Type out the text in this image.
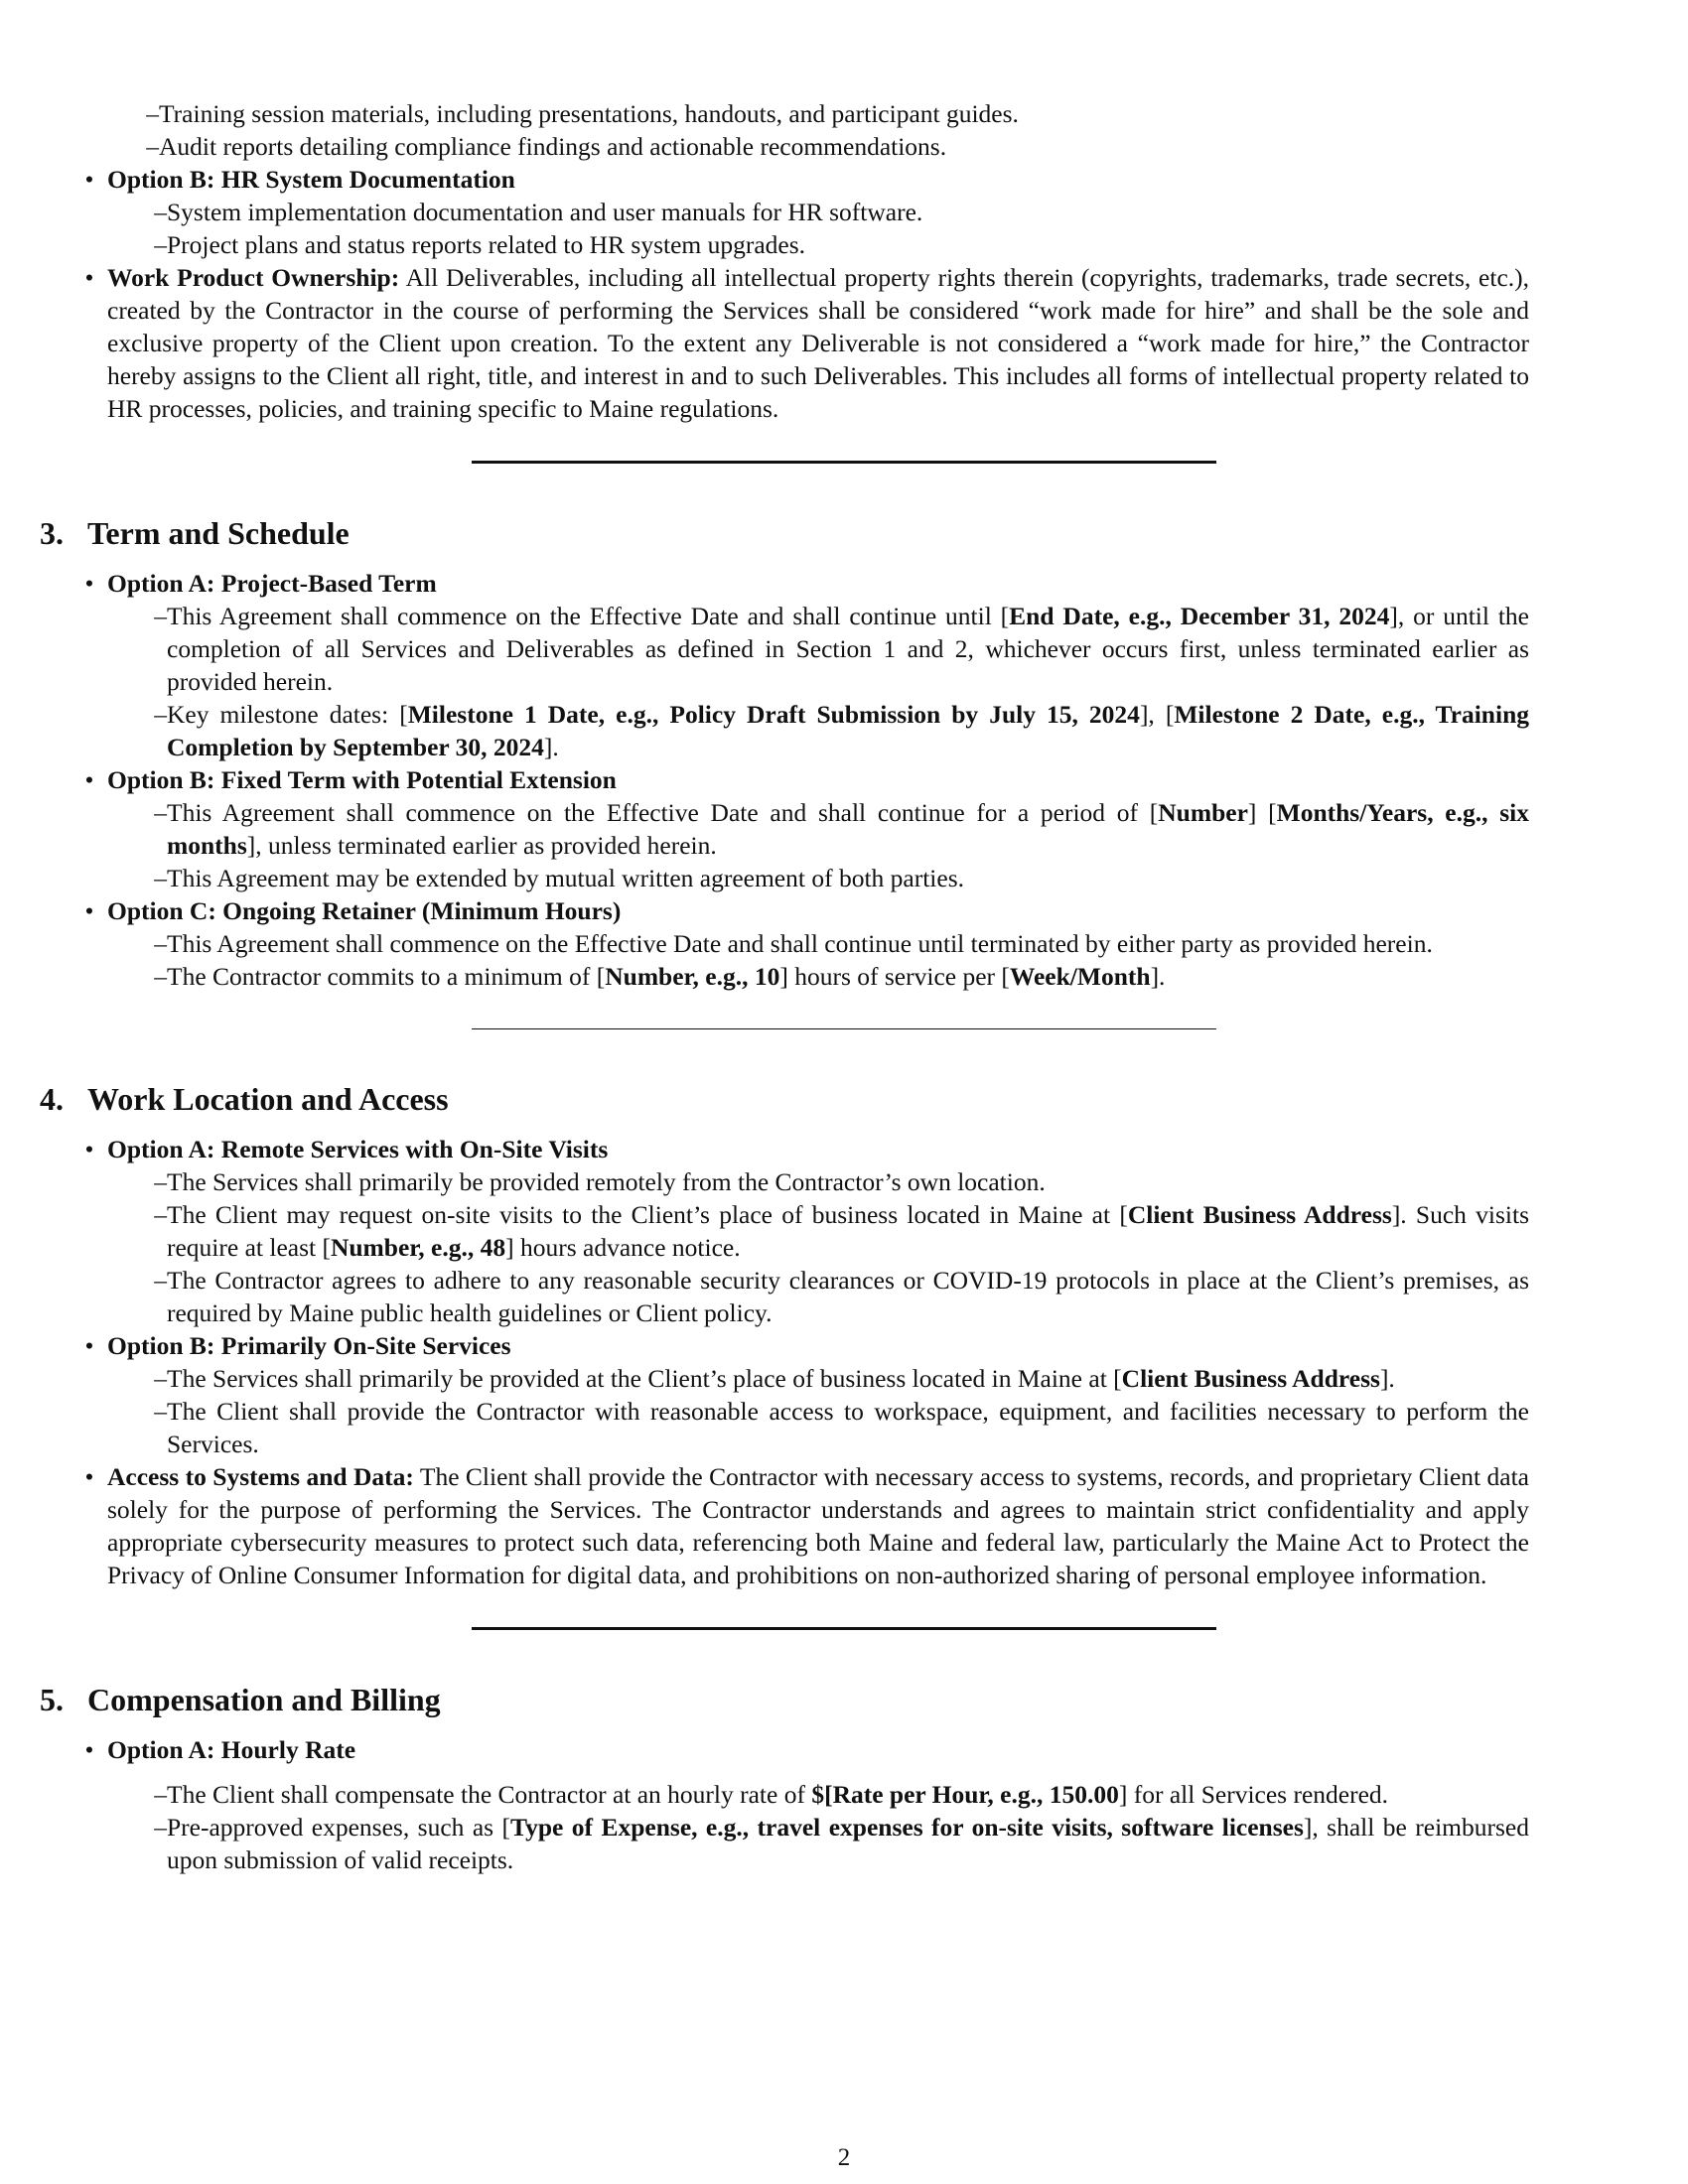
– Training session materials, including presentations, handouts, and participant guides.
– Audit reports detailing compliance findings and actionable recommendations.
• Option B: HR System Documentation
– System implementation documentation and user manuals for HR software.
– Project plans and status reports related to HR system upgrades.
• Work Product Ownership: All Deliverables, including all intellectual property rights therein (copyrights, trademarks, trade secrets, etc.), created by the Contractor in the course of performing the Services shall be considered “work made for hire” and shall be the sole and exclusive property of the Client upon creation. To the extent any Deliverable is not considered a “work made for hire,” the Contractor hereby assigns to the Client all right, title, and interest in and to such Deliverables. This includes all forms of intellectual property related to HR processes, policies, and training specific to Maine regulations.
3. Term and Schedule
• Option A: Project-Based Term
– This Agreement shall commence on the Effective Date and shall continue until [End Date, e.g., December 31, 2024], or until the completion of all Services and Deliverables as defined in Section 1 and 2, whichever occurs first, unless terminated earlier as provided herein.
– Key milestone dates: [Milestone 1 Date, e.g., Policy Draft Submission by July 15, 2024], [Milestone 2 Date, e.g., Training Completion by September 30, 2024].
• Option B: Fixed Term with Potential Extension
– This Agreement shall commence on the Effective Date and shall continue for a period of [Number] [Months/Years, e.g., six months], unless terminated earlier as provided herein.
– This Agreement may be extended by mutual written agreement of both parties.
• Option C: Ongoing Retainer (Minimum Hours)
– This Agreement shall commence on the Effective Date and shall continue until terminated by either party as provided herein.
– The Contractor commits to a minimum of [Number, e.g., 10] hours of service per [Week/Month].
4. Work Location and Access
• Option A: Remote Services with On-Site Visits
– The Services shall primarily be provided remotely from the Contractor’s own location.
– The Client may request on-site visits to the Client’s place of business located in Maine at [Client Business Address]. Such visits require at least [Number, e.g., 48] hours advance notice.
– The Contractor agrees to adhere to any reasonable security clearances or COVID-19 protocols in place at the Client’s premises, as required by Maine public health guidelines or Client policy.
• Option B: Primarily On-Site Services
– The Services shall primarily be provided at the Client’s place of business located in Maine at [Client Business Address].
– The Client shall provide the Contractor with reasonable access to workspace, equipment, and facilities necessary to perform the Services.
• Access to Systems and Data: The Client shall provide the Contractor with necessary access to systems, records, and proprietary Client data solely for the purpose of performing the Services. The Contractor understands and agrees to maintain strict confidentiality and apply appropriate cybersecurity measures to protect such data, referencing both Maine and federal law, particularly the Maine Act to Protect the Privacy of Online Consumer Information for digital data, and prohibitions on non-authorized sharing of personal employee information.
5. Compensation and Billing
• Option A: Hourly Rate
– The Client shall compensate the Contractor at an hourly rate of $[Rate per Hour, e.g., 150.00] for all Services rendered.
– Pre-approved expenses, such as [Type of Expense, e.g., travel expenses for on-site visits, software licenses], shall be reimbursed upon submission of valid receipts.
2
